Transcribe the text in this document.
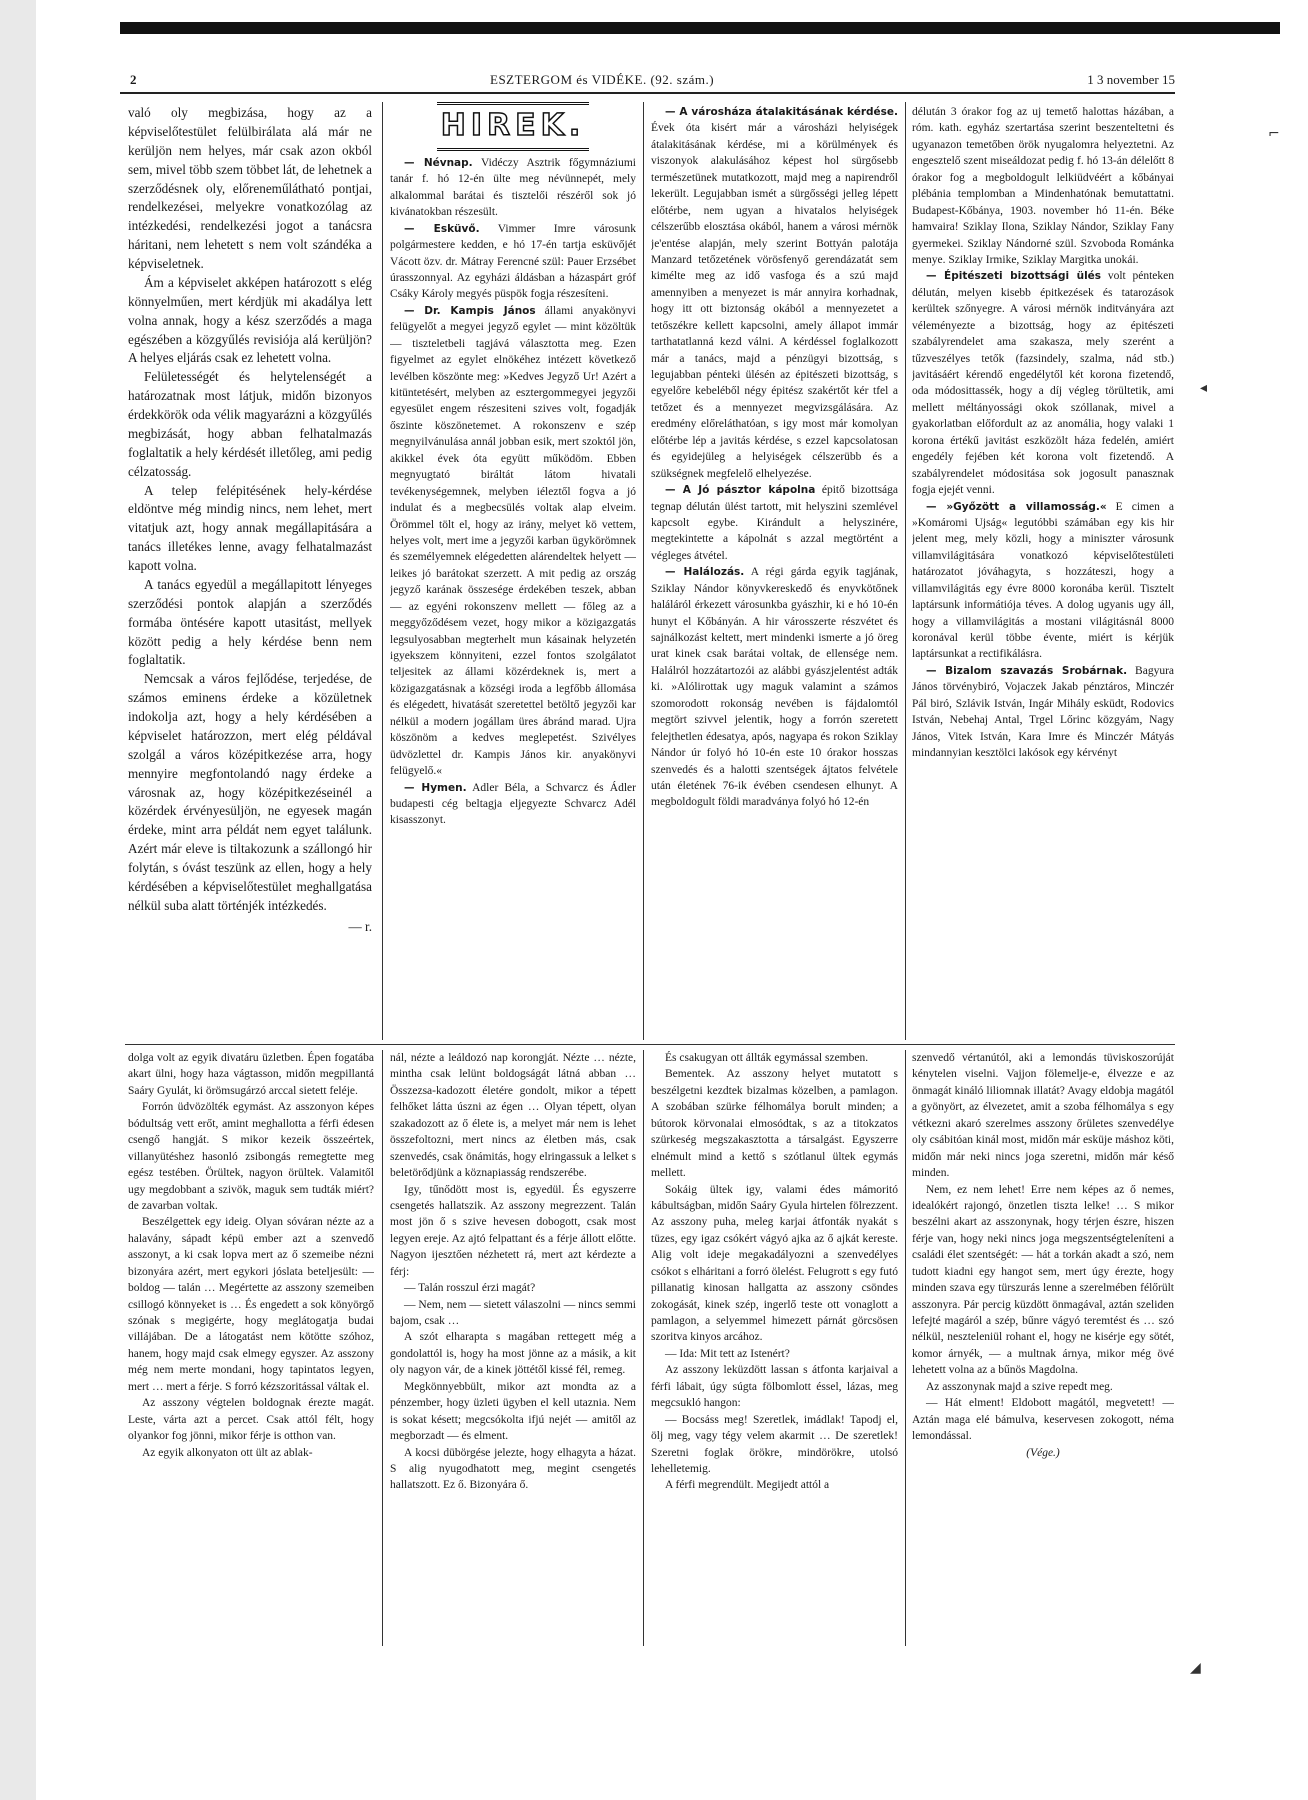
2	ESZTERGOM és VIDÉKE. (92. szám.)	1 3 november 15

való oly megbizása, hogy az a képviselőtestület felülbirálata alá már ne kerüljön nem helyes, már csak azon okból sem, mivel több szem többet lát, de lehetnek a szerződésnek oly, előreneműlátható pontjai, rendelkezései, melyekre vonatkozólag az intézkedési, rendelkezési jogot a tanácsra háritani, nem lehetett s nem volt szándéka a képviseletnek.

Ám a képviselet akképen határozott s elég könnyelműen, mert kérdjük mi akadálya lett volna annak, hogy a kész szerződés a maga egészében a közgyűlés revisiója alá kerüljön? A helyes eljárás csak ez lehetett volna.

Felületességét és helytelenségét a határozatnak most látjuk, midőn bizonyos érdekkörök oda vélik magyarázni a közgyűlés megbizását, hogy abban felhatalmazás foglaltatik a hely kérdését illetőleg, ami pedig célzatosság.

A telep felépitésének hely-kérdése eldöntve még mindig nincs, nem lehet, mert vitatjuk azt, hogy annak megállapitására a tanács illetékes lenne, avagy felhatalmazást kapott volna.

A tanács egyedül a megállapitott lényeges szerződési pontok alapján a szerződés formába öntésére kapott utasitást, mellyek között pedig a hely kérdése benn nem foglaltatik.

Nemcsak a város fejlődése, terjedése, de számos eminens érdeke a közületnek indokolja azt, hogy a hely kérdésében a képviselet határozzon, mert elég példával szolgál a város középitkezése arra, hogy mennyire megfontolandó nagy érdeke a városnak az, hogy középitkezéseinél a közérdek érvényesüljön, ne egyesek magán érdeke, mint arra példát nem egyet találunk. Azért már eleve is tiltakozunk a szállongó hir folytán, s óvást teszünk az ellen, hogy a hely kérdésében a képviselőtestület meghallgatása nélkül suba alatt történjék intézkedés.

— r.
HIREK.

— Névnap. Vidéczy Asztrik főgymnáziumi tanár f. hó 12-én ülte meg névünnepét, mely alkalommal barátai és tisztelői részéről sok jó kivánatokban részesült.

— Esküvő. Vimmer Imre városunk polgármestere kedden, e hó 17-én tartja esküvőjét Vácott özv. dr. Mátray Ferencné szül: Pauer Erzsébet úrasszonnyal. Az egyházi áldásban a házaspárt gróf Csáky Károly megyés püspök fogja részesíteni.

— Dr. Kampis János állami anyakönyvi felügyelőt a megyei jegyző egylet — mint közöltük — tiszteletbeli tagjává választotta meg. Ezen figyelmet az egylet elnökéhez intézett következő levélben köszönte meg: »Kedves Jegyző Ur! Azért a kitüntetésért, melyben az esztergommegyei jegyzői egyesület engem részesiteni szives volt, fogadják őszinte köszönetemet. A rokonszenv e szép megnyilvánulása annál jobban esik, mert szoktól jön, akikkel évek óta együtt működöm. Ebben megnyugtató biráltát látom hivatali tevékenységemnek, melyben iéleztől fogva a jó indulat és a megbecsülés voltak alap elveim. Örömmel tölt el, hogy az irány, melyet kö vettem, helyes volt, mert ime a jegyzői karban ügykörömnek és személyemnek elégedetten alárendeltek helyett — leikes jó barátokat szerzett. A mit pedig az ország jegyző karának összesége érdekében teszek, abban — az egyéni rokonszenv mellett — főleg az a meggyőződésem vezet, hogy mikor a közigazgatás legsulyosabban megterhelt mun kásainak helyzetén igyekszem könnyiteni, ezzel fontos szolgálatot teljesitek az állami közérdeknek is, mert a közigazgatásnak a községi iroda a legfőbb állomása és elégedett, hivatását szeretettel betöltő jegyzői kar nélkül a modern jogállam üres ábránd marad. Ujra köszönöm a kedves meglepetést. Szivélyes üdvözlettel dr. Kampis János kir. anyakönyvi felügyelő.«

— Hymen. Adler Béla, a Schvarcz és Ádler budapesti cég beltagja eljegyezte Schvarcz Adél kisasszonyt.

— A városháza átalakitásának kérdése. Évek óta kisért már a városházi helyiségek átalakitásának kérdése, mi a körülmények és viszonyok alakulásához képest hol sürgősebb természetünek mutatkozott, majd meg a napirendről lekerült. Legujabban ismét a sürgősségi jelleg lépett előtérbe, nem ugyan a hivatalos helyiségek célszerűbb elosztása okából, hanem a városi mérnök je'entése alapján, mely szerint Bottyán palotája Manzard tetőzetének vörösfenyő gerendázatát sem kimélte meg az idő vasfoga és a szú majd amennyiben a menyezet is már annyira korhadnak, hogy itt ott biztonság okából a mennyezetet a tetőszékre kellett kapcsolni, amely állapot immár tarthatatlanná kezd válni. A kérdéssel foglalkozott már a tanács, majd a pénzügyi bizottság, s legujabban pénteki ülésén az épitészeti bizottság, s egyelőre kebeléből négy épitész szakértőt kér tfel a tetőzet és a mennyezet megvizsgálására. Az eredmény előreláthatóan, s igy most már komolyan előtérbe lép a javitás kérdése, s ezzel kapcsolatosan és egyidejüleg a helyiségek célszerübb és a szükségnek megfelelő elhelyezése.

— A Jó pásztor kápolna épitő bizottsága tegnap délután ülést tartott, mit helyszini szemlével kapcsolt egybe. Kirándult a helyszinére, megtekintette a kápolnát s azzal megtörtént a végleges átvétel.

— Halálozás. A régi gárda egyik tagjának, Sziklay Nándor könyvkereskedő és enyvkötőnek haláláról érkezett városunkba gyászhir, ki e hó 10-én hunyt el Kőbányán. A hir városszerte részvétet és sajnálkozást keltett, mert mindenki ismerte a jó öreg urat kinek csak barátai voltak, de ellensége nem. Halálról hozzátartozói az alábbi gyászjelentést adták ki. »Alólirottak ugy maguk valamint a számos szomorodott rokonság nevében is fájdalomtól megtört szivvel jelentik, hogy a forrón szeretett felejthetlen édesatya, após, nagyapa és rokon Sziklay Nándor úr folyó hó 10-én este 10 órakor hosszas szenvedés és a halotti szentségek ájtatos felvétele után életének 76-ik évében csendesen elhunyt. A megboldogult földi maradványa folyó hó 12-én

délután 3 órakor fog az uj temető halottas házában, a róm. kath. egyház szertartása szerint beszenteltetni és ugyanazon temetőben örök nyugalomra helyeztetni. Az engesztelő szent miseáldozat pedig f. hó 13-án délelőtt 8 órakor fog a megboldogult lelkiüdvéért a kőbányai plébánia templomban a Mindenhatónak bemutattatni. Budapest-Kőbánya, 1903. november hó 11-én. Béke hamvaira! Sziklay Ilona, Sziklay Nándor, Sziklay Fany gyermekei. Sziklay Nándorné szül. Szvoboda Románka menye. Sziklay Irmike, Sziklay Margitka unokái.

— Épitészeti bizottsági ülés volt pénteken délután, melyen kisebb épitkezések és tatarozások kerültek szőnyegre. A városi mérnök inditványára azt véleményezte a bizottság, hogy az épitészeti szabályrendelet ama szakasza, mely szerént a tűzveszélyes tetők (fazsindely, szalma, nád stb.) javitásáért kérendő engedélytől két korona fizetendő, oda módosittassék, hogy a díj végleg törültetik, ami mellett méltányossági okok szóllanak, mivel a gyakorlatban előfordult az az anomália, hogy valaki 1 korona értékű javitást eszközölt háza fedelén, amiért engedély fejében két korona volt fizetendő. A szabályrendelet módositása sok jogosult panasznak fogja ejejét venni.

— »Győzött a villamosság.« E cimen a »Komáromi Ujság« legutóbbi számában egy kis hir jelent meg, mely közli, hogy a miniszter városunk villamvilágitására vonatkozó képviselőtestületi határozatot jóváhagyta, s hozzáteszi, hogy a villamvilágitás egy évre 8000 koronába kerül. Tisztelt laptársunk informátiója téves. A dolog ugyanis ugy áll, hogy a villamvilágitás a mostani világitásnál 8000 koronával kerül többe évente, miért is kérjük laptársunkat a rectifikálásra.

— Bizalom szavazás Srobárnak. Bagyura János törvénybiró, Vojaczek Jakab pénztáros, Minczér Pál biró, Szlávik István, Ingár Mihály esküdt, Rodovics István, Nebehaj Antal, Trgel Lőrinc közgyám, Nagy János, Vitek István, Kara Imre és Minczér Mátyás mindannyian kesztölci lakósok egy kérvényt

dolga volt az egyik divatáru üzletben. Épen fogatába akart ülni, hogy haza vágtasson, midőn megpillantá Saáry Gyulát, ki örömsugárzó arccal sietett feléje.

Forrón üdvözölték egymást. Az asszonyon képes bódultság vett erőt, amint meghallotta a férfi édesen csengő hangját. S mikor kezeik összeértek, villanyütéshez hasonló zsibongás remegtette meg egész testében. Örültek, nagyon örültek. Valamitől ugy megdobbant a szivök, maguk sem tudták miért? de zavarban voltak.

Beszélgettek egy ideig. Olyan sóváran nézte az a halavány, sápadt képü ember azt a szenvedő asszonyt, a ki csak lopva mert az ő szemeibe nézni bizonyára azért, mert egykori jóslata beteljesült: — boldog — talán … Megértette az asszony szemeiben csillogó könnyeket is … És engedett a sok könyörgő szónak s megigérte, hogy meglátogatja budai villájában. De a látogatást nem kötötte szóhoz, hanem, hogy majd csak elmegy egyszer. Az asszony még nem merte mondani, hogy tapintatos legyen, mert … mert a férje. S forró kézszoritással váltak el.

Az asszony végtelen boldognak érezte magát. Leste, várta azt a percet. Csak attól félt, hogy olyankor fog jönni, mikor férje is otthon van.

Az egyik alkonyaton ott ült az ablak-

nál, nézte a leáldozó nap korongját. Nézte … nézte, mintha csak lelünt boldogságát látná abban … Összezsa-kadozott életére gondolt, mikor a tépett felhőket látta úszni az égen … Olyan tépett, olyan szakadozott az ő élete is, a melyet már nem is lehet összefoltozni, mert nincs az életben más, csak szenvedés, csak önámitás, hogy elringassuk a lelket s beletörődjünk a köznapiasság rendszerébe.

Igy, tűnődött most is, egyedül. És egyszerre csengetés hallatszik. Az asszony megrezzent. Talán most jön ő s szive hevesen dobogott, csak most legyen ereje. Az ajtó felpattant és a férje állott előtte. Nagyon ijesztően nézhetett rá, mert azt kérdezte a férj:

— Talán rosszul érzi magát?

— Nem, nem — sietett válaszolni — nincs semmi bajom, csak …

A szót elharapta s magában rettegett még a gondolattól is, hogy ha most jönne az a másik, a kit oly nagyon vár, de a kinek jöttétől kissé fél, remeg.

Megkönnyebbült, mikor azt mondta az a pénzember, hogy üzleti ügyben el kell utaznia. Nem is sokat késett; megcsókolta ifjú nejét — amitől az megborzadt — és elment.

A kocsi dübörgése jelezte, hogy elhagyta a házat. S alig nyugodhatott meg, megint csengetés hallatszott. Ez ő. Bizonyára ő.

És csakugyan ott állták egymással szemben.

Bementek. Az asszony helyet mutatott s beszélgetni kezdtek bizalmas közelben, a pamlagon. A szobában szürke félhomálya borult minden; a bútorok körvonalai elmosódtak, s az a titokzatos szürkeség megszakasztotta a társalgást. Egyszerre elnémult mind a kettő s szótlanul ültek egymás mellett.

Sokáig ültek igy, valami édes mámoritó kábultságban, midőn Saáry Gyula hirtelen fölrezzent. Az asszony puha, meleg karjai átfonták nyakát s tüzes, egy igaz csókért vágyó ajka az ő ajkát kereste. Alig volt ideje megakadályozni a szenvedélyes csókot s elháritani a forró ölelést. Felugrott s egy futó pillanatig kinosan hallgatta az asszony csöndes zokogását, kinek szép, ingerlő teste ott vonaglott a pamlagon, a selyemmel himezett párnát görcsösen szoritva kinyos arcához.

— Ida: Mit tett az Istenért?

Az asszony leküzdött lassan s átfonta karjaival a férfi lábait, úgy súgta fölbomlott éssel, lázas, meg megcsukló hangon:

— Bocsáss meg! Szeretlek, imádlak! Tapodj el, ölj meg, vagy tégy velem akarmit … De szeretlek! Szeretni foglak örökre, mindörökre, utolsó lehelletemig.

A férfi megrendült. Megijedt attól a

szenvedő vértanútól, aki a lemondás tüviskoszorúját kénytelen viselni. Vajjon fölemelje-e, élvezze e az önmagát kináló liliomnak illatát? Avagy eldobja magától a gyönyört, az élvezetet, amit a szoba félhomálya s egy vétkezni akaró szerelmes asszony őrületes szenvedélye oly csábitóan kinál most, midőn már esküje máshoz köti, midőn már neki nincs joga szeretni, midőn már késő minden.

Nem, ez nem lehet! Erre nem képes az ő nemes, idealókért rajongó, önzetlen tiszta lelke! … S mikor beszélni akart az asszonynak, hogy térjen észre, hiszen férje van, hogy neki nincs joga megszentségteleníteni a családi élet szentségét: — hát a torkán akadt a szó, nem tudott kiadni egy hangot sem, mert úgy érezte, hogy minden szava egy türszurás lenne a szerelmében félőrült asszonyra. Pár percig küzdött önmagával, aztán szeliden lefejté magáról a szép, bűnre vágyó teremtést és … szó nélkül, neszteleniül rohant el, hogy ne kisérje egy sötét, komor árnyék, — a multnak árnya, mikor még övé lehetett volna az a bűnös Magdolna.

Az asszonynak majd a szive repedt meg.

— Hát elment! Eldobott magától, megvetett! — Aztán maga elé bámulva, keservesen zokogott, néma lemondással.

(Vége.)
⌐
◂
◢
